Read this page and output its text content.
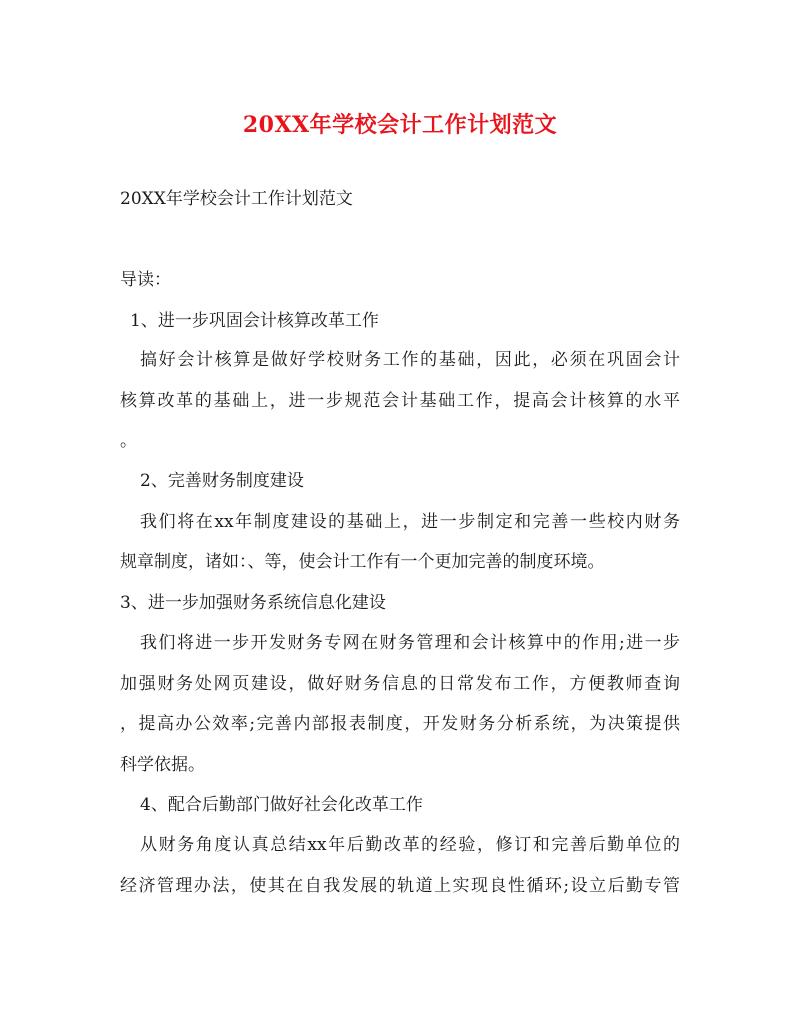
20XX年学校会计工作计划范文
20XX年学校会计工作计划范文
导读：
1、进一步巩固会计核算改革工作
搞好会计核算是做好学校财务工作的基础，因此，必须在巩固会计
核算改革的基础上，进一步规范会计基础工作，提高会计核算的水平
。
2、完善财务制度建设
我们将在xx年制度建设的基础上，进一步制定和完善一些校内财务
规章制度，诸如：、等，使会计工作有一个更加完善的制度环境。
3、进一步加强财务系统信息化建设
我们将进一步开发财务专网在财务管理和会计核算中的作用;进一步
加强财务处网页建设，做好财务信息的日常发布工作，方便教师查询
，提高办公效率;完善内部报表制度，开发财务分析系统，为决策提供
科学依据。
4、配合后勤部门做好社会化改革工作
从财务角度认真总结xx年后勤改革的经验，修订和完善后勤单位的
经济管理办法，使其在自我发展的轨道上实现良性循环;设立后勤专管
